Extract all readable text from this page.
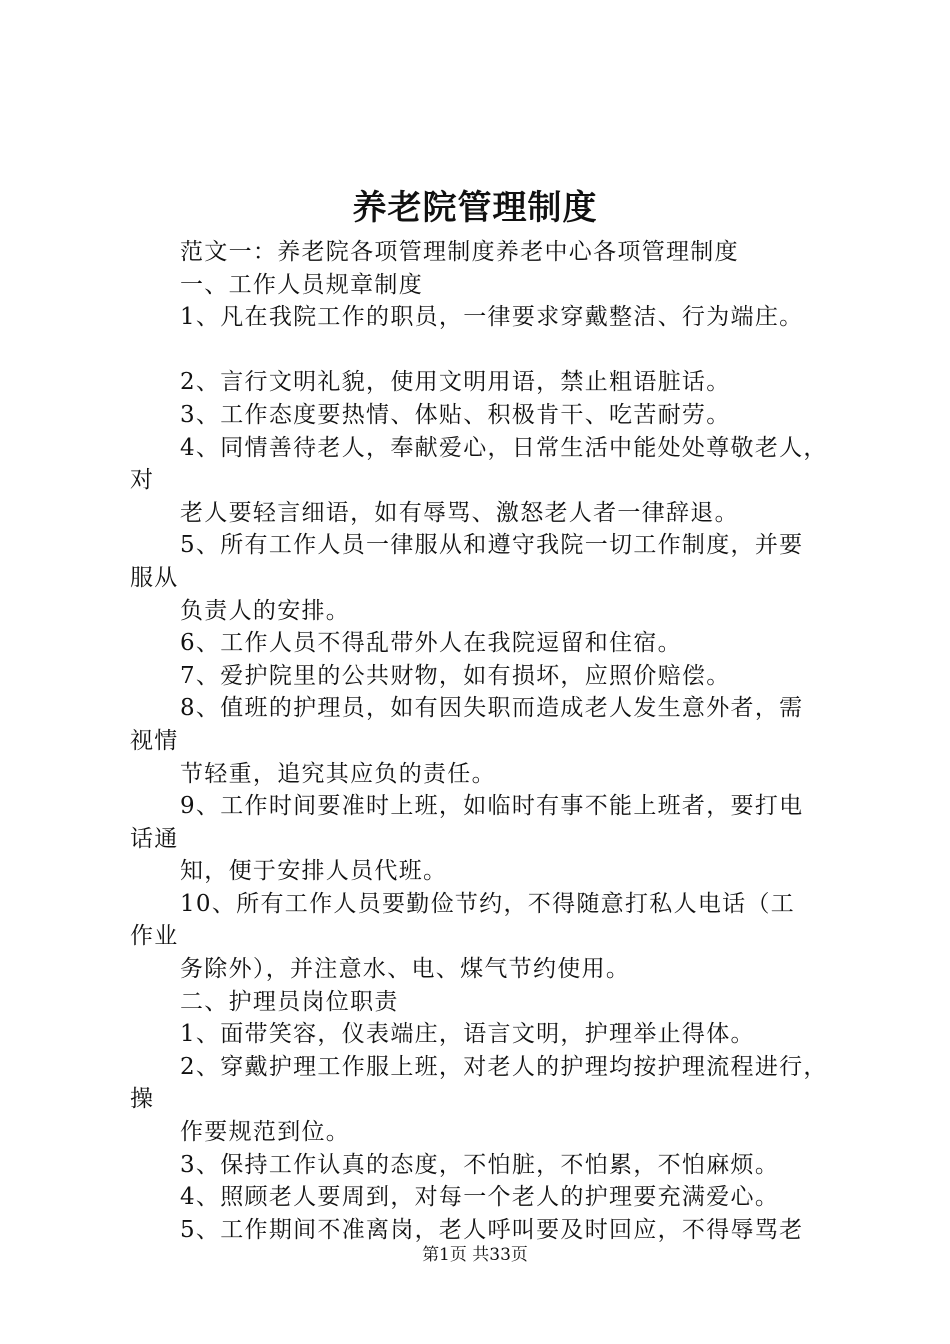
养老院管理制度
范文一：养老院各项管理制度养老中心各项管理制度
一、工作人员规章制度
1、凡在我院工作的职员，一律要求穿戴整洁、行为端庄。
2、言行文明礼貌，使用文明用语，禁止粗语脏话。
3、工作态度要热情、体贴、积极肯干、吃苦耐劳。
4、同情善待老人，奉献爱心，日常生活中能处处尊敬老人，
对
老人要轻言细语，如有辱骂、激怒老人者一律辞退。
5、所有工作人员一律服从和遵守我院一切工作制度，并要
服从
负责人的安排。
6、工作人员不得乱带外人在我院逗留和住宿。
7、爱护院里的公共财物，如有损坏，应照价赔偿。
8、值班的护理员，如有因失职而造成老人发生意外者，需
视情
节轻重，追究其应负的责任。
9、工作时间要准时上班，如临时有事不能上班者，要打电
话通
知，便于安排人员代班。
10、所有工作人员要勤俭节约，不得随意打私人电话（工
作业
务除外），并注意水、电、煤气节约使用。
二、护理员岗位职责
1、面带笑容，仪表端庄，语言文明，护理举止得体。
2、穿戴护理工作服上班，对老人的护理均按护理流程进行，
操
作要规范到位。
3、保持工作认真的态度，不怕脏，不怕累，不怕麻烦。
4、照顾老人要周到，对每一个老人的护理要充满爱心。
5、工作期间不准离岗，老人呼叫要及时回应，不得辱骂老
第1页 共33页
